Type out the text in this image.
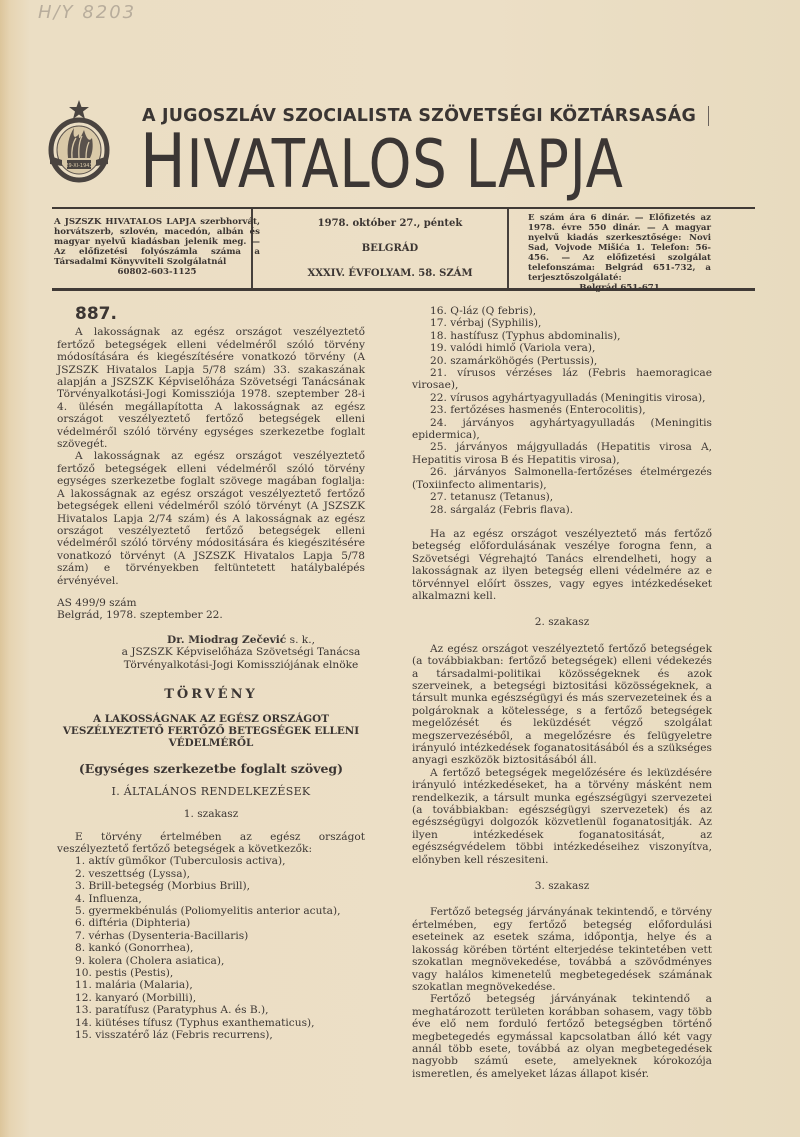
H/Y 8203
29-XI-1943
A JUGOSZLÁV SZOCIALISTA SZÖVETSÉGI KÖZTÁRSASÁG
HIVATALOS LAPJA
A JSZSZK HIVATALOS LAPJA szerbhorvát, horvátszerb, szlovén, macedón, albán és magyar nyelvű kiadásban jelenik meg. — Az előfizetési folyószámla száma a Társadalmi Könyvviteli Szolgálatnál
60802-603-1125
1978. október 27., péntek
BELGRÁD
XXXIV. ÉVFOLYAM. 58. SZÁM
E szám ára 6 dinár. — Előfizetés az 1978. évre 550 dinár. — A magyar nyelvű kiadás szerkesztősége: Novi Sad, Vojvode Mišića 1. Telefon: 56-456. — Az előfizetési szolgálat telefonszáma: Belgrád 651-732, a terjesztőszolgálaté:
Belgrád 651-671
887.

A lakosságnak az egész országot veszélyeztető fertőző betegségek elleni védelméről szóló törvény módosítására és kiegészítésére vonatkozó törvény (A JSZSZK Hivatalos Lapja 5/78 szám) 33. szakaszának alapján a JSZSZK Képviselőháza Szövetségi Tanácsának Törvényalkotási-Jogi Komissziója 1978. szeptember 28-i 4. ülésén megállapította A lakosságnak az egész országot veszélyeztető fertőző betegségek elleni védelméről szóló törvény egységes szerkezetbe foglalt szövegét.

A lakosságnak az egész országot veszélyeztető fertőző betegségek elleni védelméről szóló törvény egységes szerkezetbe foglalt szövege magában foglalja: A lakosságnak az egész országot veszélyeztető fertőző betegségek elleni védelméről szóló törvényt (A JSZSZK Hivatalos Lapja 2/74 szám) és A lakosságnak az egész országot veszélyeztető fertőző betegségek elleni védelméről szóló törvény módositására és kiegészitésére vonatkozó törvényt (A JSZSZK Hivatalos Lapja 5/78 szám) e törvényekben feltüntetett hatálybalépés érvényével.

AS 499/9 szám

Belgrád, 1978. szeptember 22.

Dr. Miodrag Zečević s. k.,
a JSZSZK Képviselőháza Szövetségi Tanácsa Törvényalkotási-Jogi Komissziójának elnöke
TÖRVÉNY
A LAKOSSÁGNAK AZ EGÉSZ ORSZÁGOT VESZÉLYEZTETŐ FERTŐZŐ BETEGSÉGEK ELLENI VÉDELMÉRŐL
(Egységes szerkezetbe foglalt szöveg)
I. ÁLTALÁNOS RENDELKEZÉSEK
1. szakasz

E törvény értelmében az egész országot veszélyeztető fertőző betegségek a következők:

1. aktív gümőkor (Tuberculosis activa),
2. veszettség (Lyssa),
3. Brill-betegség (Morbius Brill),
4. Influenza,
5. gyermekbénulás (Poliomyelitis anterior acuta),
6. diftéria (Diphteria)
7. vérhas (Dysenteria-Bacillaris)
8. kankó (Gonorrhea),
9. kolera (Cholera asiatica),
10. pestis (Pestis),
11. malária (Malaria),
12. kanyaró (Morbilli),
13. paratífusz (Paratyphus A. és B.),
14. kiütéses tífusz (Typhus exanthematicus),
15. visszatérő láz (Febris recurrens),
16. Q-láz (Q febris),
17. vérbaj (Syphilis),
18. hastífusz (Typhus abdominalis),
19. valódi himlő (Variola vera),
20. szamárköhögés (Pertussis),
21. vírusos vérzéses láz (Febris haemoragicae virosae),
22. vírusos agyhártyagyulladás (Meningitis virosa),
23. fertőzéses hasmenés (Enterocolitis),
24. járványos agyhártyagyulladás (Meningitis epidermica),
25. járványos májgyulladás (Hepatitis virosa A, Hepatitis virosa B és Hepatitis virosa),
26. járványos Salmonella-fertőzéses ételmérgezés (Toxiinfecto alimentaris),
27. tetanusz (Tetanus),
28. sárgaláz (Febris flava).

Ha az egész országot veszélyeztető más fertőző betegség előfordulásának veszélye forogna fenn, a Szövetségi Végrehajtó Tanács elrendelheti, hogy a lakosságnak az ilyen betegség elleni védelmére az e törvénnyel előírt összes, vagy egyes intézkedéseket alkalmazni kell.

2. szakasz

Az egész országot veszélyeztető fertőző betegségek (a továbbiakban: fertőző betegségek) elleni védekezés a társadalmi-politikai közösségeknek és azok szerveinek, a betegségi biztositási közösségeknek, a társult munka egészségügyi és más szervezeteinek és a polgároknak a kötelessége, s a fertőző betegségek megelőzését és leküzdését végző szolgálat megszervezéséből, a megelőzésre és felügyeletre irányuló intézkedések foganatositásából és a szükséges anyagi eszközök biztositásából áll.

A fertőző betegségek megelőzésére és leküzdésére irányuló intézkedéseket, ha a törvény másként nem rendelkezik, a társult munka egészségügyi szervezetei (a továbbiakban: egészségügyi szervezetek) és az egészségügyi dolgozók közvetlenül foganatositják. Az ilyen intézkedések foganatositását, az egészségvédelem többi intézkedéseihez viszonyítva, előnyben kell részesiteni.

3. szakasz

Fertőző betegség járványának tekintendő, e törvény értelmében, egy fertőző betegség előfordulási eseteinek az esetek száma, időpontja, helye és a lakosság körében történt elterjedése tekintetében vett szokatlan megnövekedése, továbbá a szövődményes vagy halálos kimenetelű megbetegedések számának szokatlan megnövekedése.

Fertőző betegség járványának tekintendő a meghatározott területen korábban sohasem, vagy több éve elő nem forduló fertőző betegségben történő megbetegedés egymással kapcsolatban álló két vagy annál több esete, továbbá az olyan megbetegedések nagyobb számú esete, amelyeknek kórokozója ismeretlen, és amelyeket lázas állapot kisér.
